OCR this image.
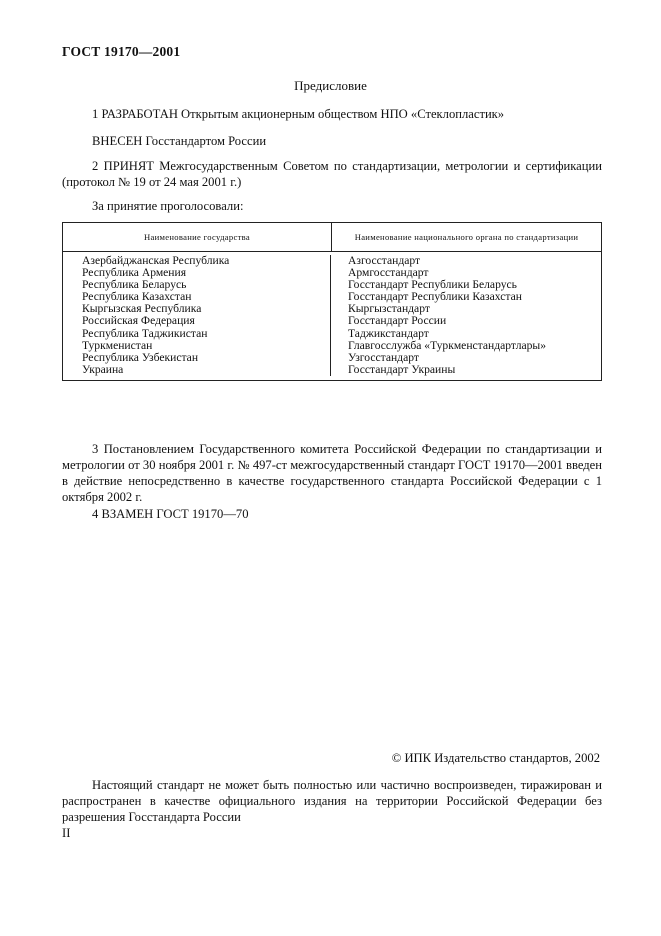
ГОСТ 19170—2001
Предисловие
1 РАЗРАБОТАН Открытым акционерным обществом НПО «Стеклопластик»
ВНЕСЕН Госстандартом России
2 ПРИНЯТ Межгосударственным Советом по стандартизации, метрологии и сертификации (протокол № 19 от 24 мая 2001 г.)
За принятие проголосовали:
Наименование государства	Наименование национального органа по стандартизации
Азербайджанская Республика
Республика Армения
Республика Беларусь
Республика Казахстан
Кыргызская Республика
Российская Федерация
Республика Таджикистан
Туркменистан
Республика Узбекистан
Украина
Азгосстандарт
Армгосстандарт
Госстандарт Республики Беларусь
Госстандарт Республики Казахстан
Кыргызстандарт
Госстандарт России
Таджикстандарт
Главгосслужба «Туркменстандартлары»
Узгосстандарт
Госстандарт Украины
3 Постановлением Государственного комитета Российской Федерации по стандартизации и метрологии от 30 ноября 2001 г. № 497-ст межгосударственный стандарт ГОСТ 19170—2001 введен в действие непосредственно в качестве государственного стандарта Российской Федерации с 1 октября 2002 г.
4 ВЗАМЕН ГОСТ 19170—70
© ИПК Издательство стандартов, 2002
Настоящий стандарт не может быть полностью или частично воспроизведен, тиражирован и распространен в качестве официального издания на территории Российской Федерации без разрешения Госстандарта России
II
